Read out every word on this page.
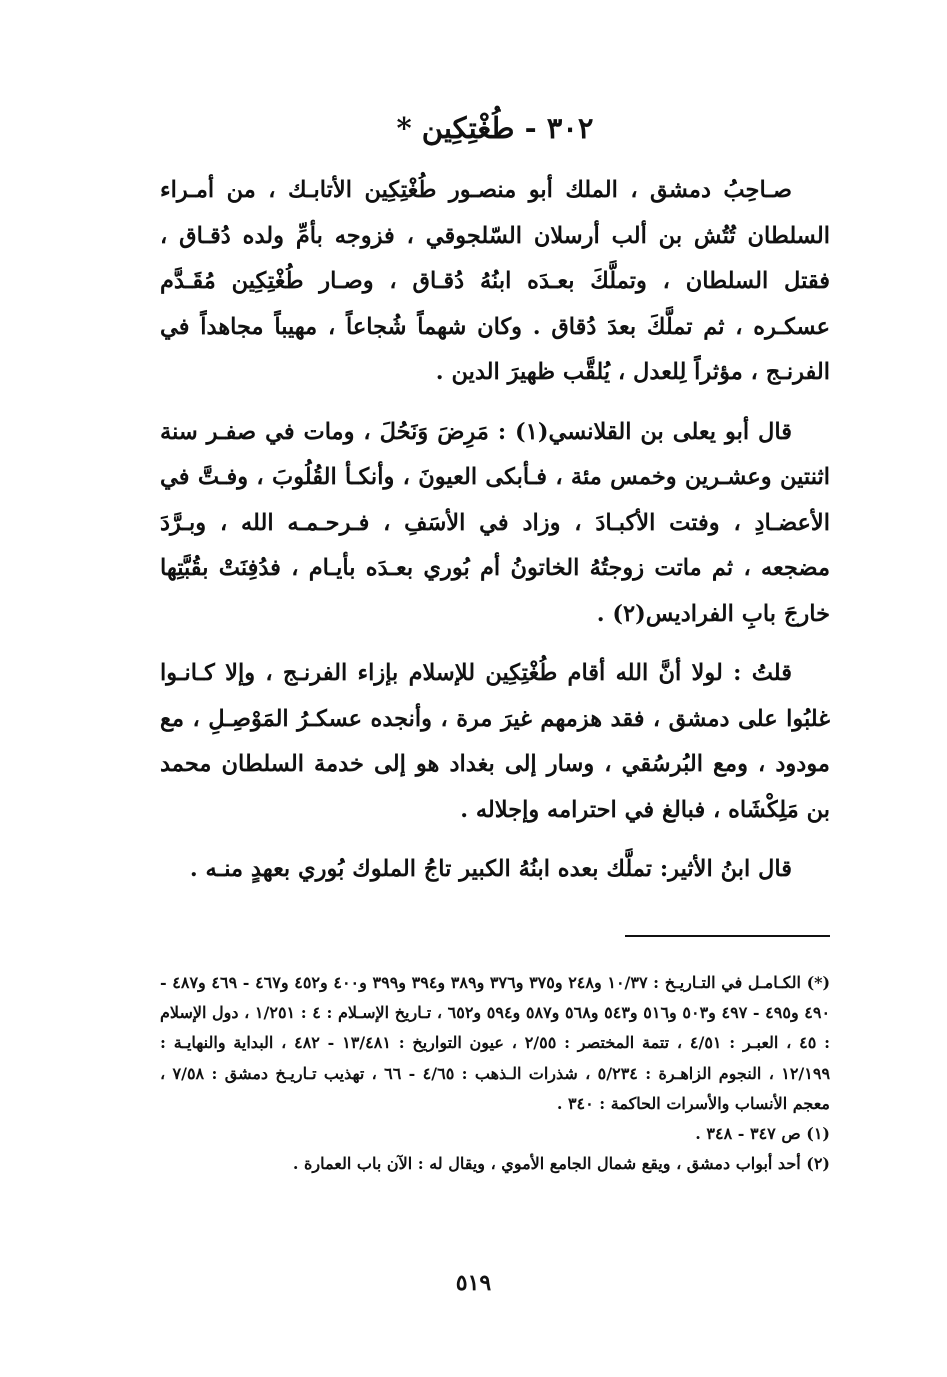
٣٠٢ - طُغْتِكِين *

صـاحِبُ دمشق ، الملك أبو منصـور طُغْتِكِين الأتابـك ، من أمـراء السلطان تُتُش بن ألب أرسلان السّلجوقي ، فزوجه بأمِّ ولده دُقـاق ، فقتل السلطان ، وتملَّكَ بعـدَه ابنُهُ دُقـاق ، وصـار طُغْتِكِين مُقَـدَّم عسكـره ، ثم تملَّكَ بعدَ دُقاق . وكان شهماً شُجاعاً ، مهيباً مجاهداً في الفرنـج ، مؤثراً لِلعدل ، يُلقَّب ظهيرَ الدين .

قال أبو يعلى بن القلانسي(١) : مَرِضَ وَنَحُلَ ، ومات في صفـر سنة اثنتين وعشـرين وخمس مئة ، فـأبكى العيونَ ، وأنكـأ القُلُوبَ ، وفـتَّ في الأعضـادِ ، وفتت الأكبـادَ ، وزاد في الأسَفِ ، فـرحـمـه الله ، وبـرَّدَ مضجعه ، ثم ماتت زوجتُهُ الخاتونُ أم بُوري بعـدَه بأيـام ، فدُفِنَتْ بقُبَّتِها خارجَ بابِ الفراديس(٢) .

قلتُ : لولا أنَّ الله أقام طُغْتِكِين للإسلام بإزاء الفرنـج ، وإلا كـانـوا غلبُوا على دمشق ، فقد هزمهم غيرَ مرة ، وأنجده عسكـرُ المَوْصِـلِ ، مع مودود ، ومع البُرسُقي ، وسار إلى بغداد هو إلى خدمة السلطان محمد بن مَلِكْشَاه ، فبالغ في احترامه وإجلاله .

قال ابنُ الأثير: تملَّك بعده ابنُهُ الكبير تاجُ الملوك بُوري بعهدٍ منـه .

(*) الكـامـل في التـاريـخ : ١٠/٣٧ و٢٤٨ و٣٧٥ و٣٧٦ و٣٨٩ و٣٩٤ و٣٩٩ و٤٠٠ و٤٥٢ و٤٦٧ - ٤٦٩ و٤٨٧ - ٤٩٠ و٤٩٥ - ٤٩٧ و٥٠٣ و٥١٦ و٥٤٣ و٥٦٨ و٥٨٧ و٥٩٤ و٦٥٢ ، تـاريخ الإسـلام : ٤ : ١/٢٥١ ، دول الإسلام : ٤٥ ، العبـر : ٤/٥١ ، تتمة المختصر : ٢/٥٥ ، عيون التواريخ : ١٣/٤٨١ - ٤٨٢ ، البداية والنهايـة : ١٢/١٩٩ ، النجوم الزاهـرة : ٥/٢٣٤ ، شذرات الـذهب : ٤/٦٥ - ٦٦ ، تهذيب تـاريـخ دمشق : ٧/٥٨ ، معجم الأنساب والأسرات الحاكمة : ٣٤٠ .

(١) ص ٣٤٧ - ٣٤٨ .

(٢) أحد أبواب دمشق ، ويقع شمال الجامع الأموي ، ويقال له : الآن باب العمارة .

٥١٩
